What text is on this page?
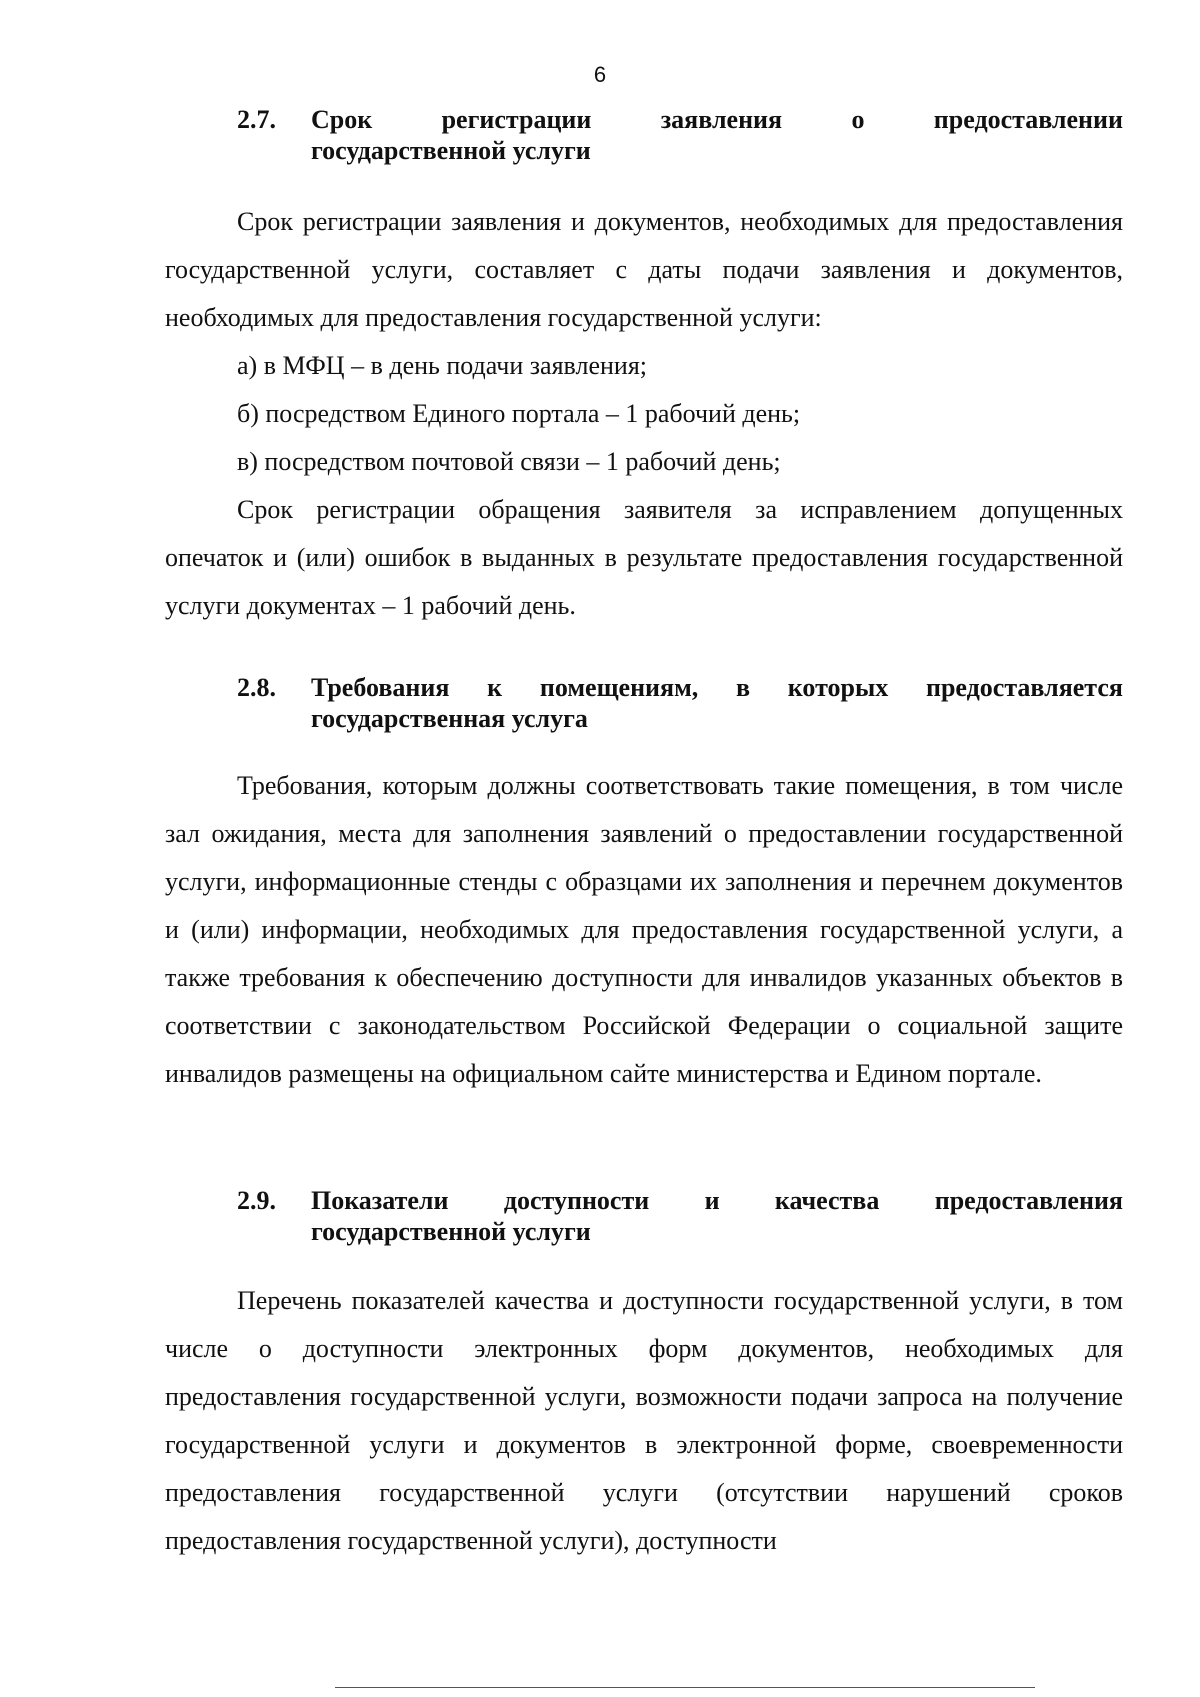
6
2.7. Срок регистрации заявления о предоставлении
государственной услуги

Срок регистрации заявления и документов, необходимых для предоставления государственной услуги, составляет с даты подачи заявления и документов, необходимых для предоставления государственной услуги:

а) в МФЦ – в день подачи заявления;

б) посредством Единого портала – 1 рабочий день;

в) посредством почтовой связи – 1 рабочий день;

Срок регистрации обращения заявителя за исправлением допущенных опечаток и (или) ошибок в выданных в результате предоставления государственной услуги документах – 1 рабочий день.

2.8. Требования к помещениям, в которых предоставляется
государственная услуга

Требования, которым должны соответствовать такие помещения, в том числе зал ожидания, места для заполнения заявлений о предоставлении государственной услуги, информационные стенды с образцами их заполнения и перечнем документов и (или) информации, необходимых для предоставления государственной услуги, а также требования к обеспечению доступности для инвалидов указанных объектов в соответствии с законодательством Российской Федерации о социальной защите инвалидов размещены на официальном сайте министерства и Едином портале.

2.9. Показатели доступности и качества предоставления
государственной услуги

Перечень показателей качества и доступности государственной услуги, в том числе о доступности электронных форм документов, необходимых для предоставления государственной услуги, возможности подачи запроса на получение государственной услуги и документов в электронной форме, своевременности предоставления государственной услуги (отсутствии нарушений сроков предоставления государственной услуги), доступности
